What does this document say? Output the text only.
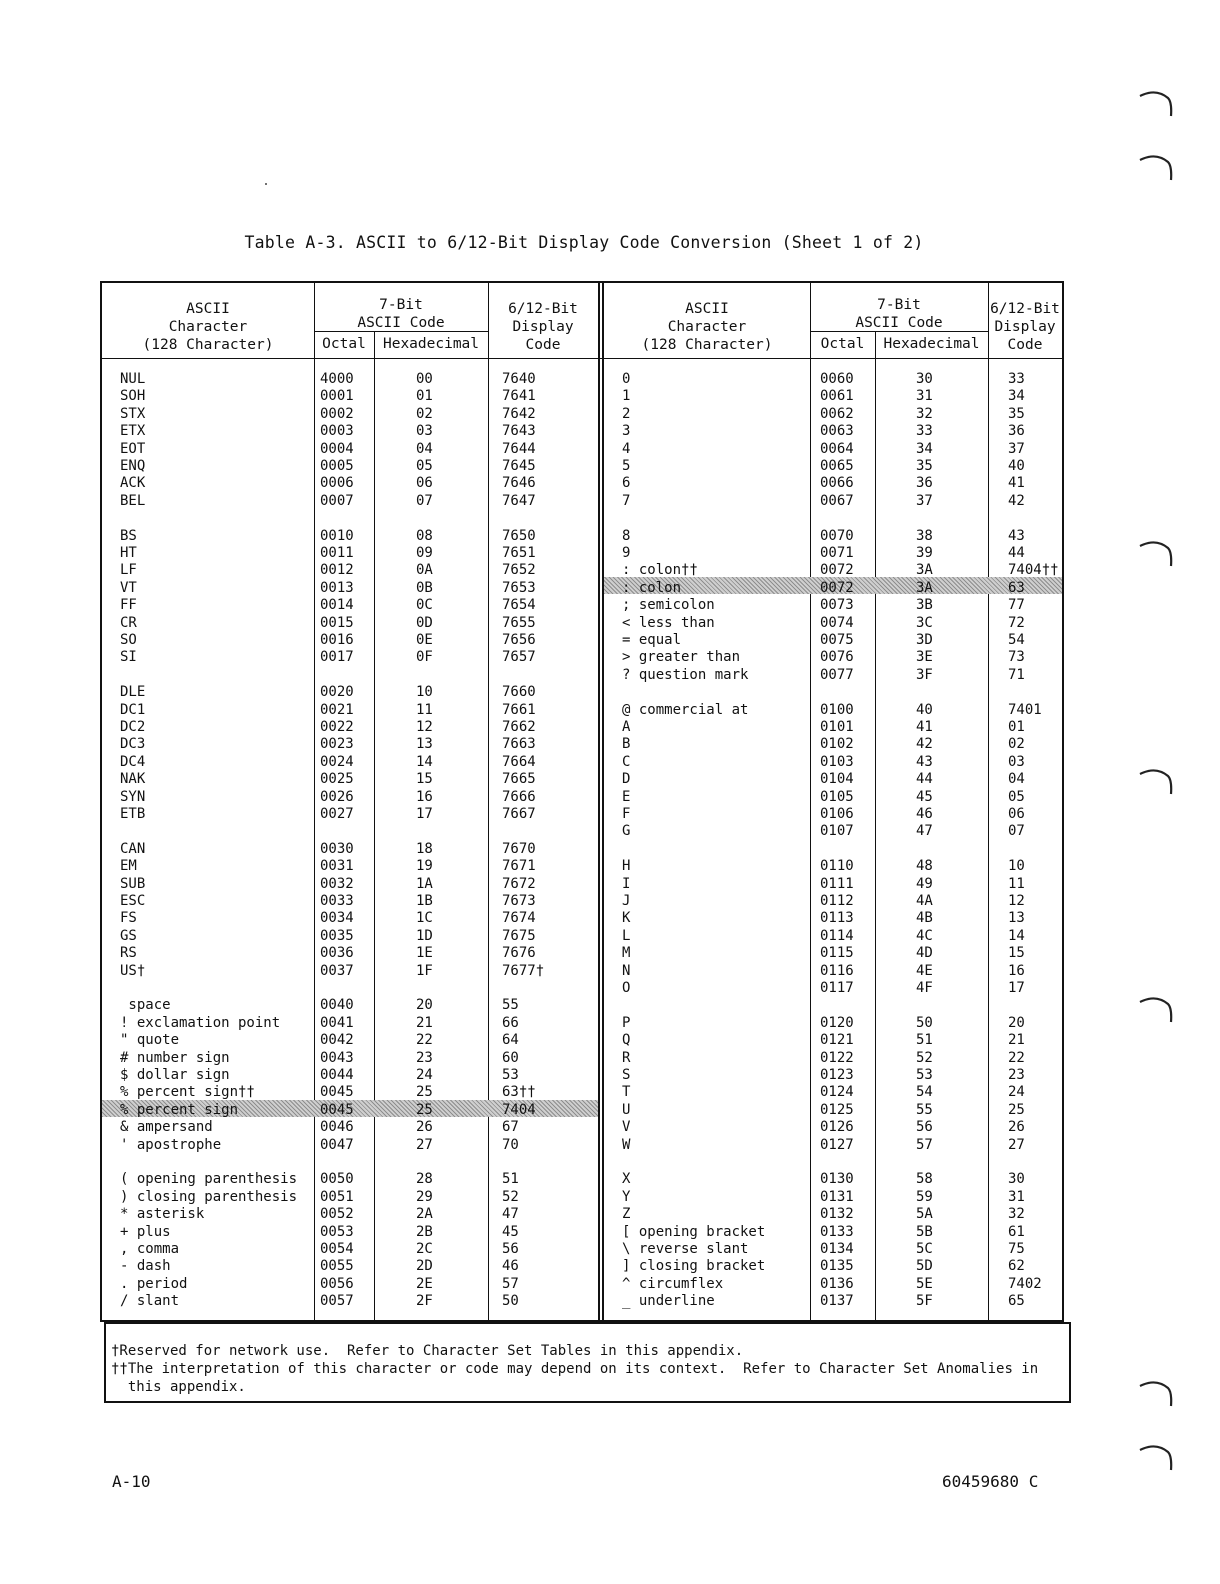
Table A-3. ASCII to 6/12-Bit Display Code Conversion (Sheet 1 of 2)
ASCII
Character
(128 Character)
7-Bit
ASCII Code
Octal	Hexadecimal
6/12-Bit
Display
Code
ASCII
Character
(128 Character)
7-Bit
ASCII Code
Octal	Hexadecimal
6/12-Bit
Display
Code
NUL	4000	00	7640
SOH	0001	01	7641
STX	0002	02	7642
ETX	0003	03	7643
EOT	0004	04	7644
ENQ	0005	05	7645
ACK	0006	06	7646
BEL	0007	07	7647
BS	0010	08	7650
HT	0011	09	7651
LF	0012	0A	7652
VT	0013	0B	7653
FF	0014	0C	7654
CR	0015	0D	7655
SO	0016	0E	7656
SI	0017	0F	7657
DLE	0020	10	7660
DC1	0021	11	7661
DC2	0022	12	7662
DC3	0023	13	7663
DC4	0024	14	7664
NAK	0025	15	7665
SYN	0026	16	7666
ETB	0027	17	7667
CAN	0030	18	7670
EM	0031	19	7671
SUB	0032	1A	7672
ESC	0033	1B	7673
FS	0034	1C	7674
GS	0035	1D	7675
RS	0036	1E	7676
US†	0037	1F	7677†
space	0040	20	55
! exclamation point	0041	21	66
" quote	0042	22	64
# number sign	0043	23	60
$ dollar sign	0044	24	53
% percent sign††	0045	25	63††
% percent sign	0045	25	7404
& ampersand	0046	26	67
' apostrophe	0047	27	70
( opening parenthesis 0050	28	51
) closing parenthesis 0051	29	52
* asterisk	0052	2A	47
+ plus	0053	2B	45
, comma	0054	2C	56
- dash	0055	2D	46
. period	0056	2E	57
/ slant	0057	2F	50
0	0060	30	33
1	0061	31	34
2	0062	32	35
3	0063	33	36
4	0064	34	37
5	0065	35	40
6	0066	36	41
7	0067	37	42
8	0070	38	43
9	0071	39	44
: colon††	0072	3A	7404††
: colon	0072	3A	63
; semicolon	0073	3B	77
< less than	0074	3C	72
= equal	0075	3D	54
> greater than	0076	3E	73
? question mark	0077	3F	71
@ commercial at	0100	40	7401
A	0101	41	01
B	0102	42	02
C	0103	43	03
D	0104	44	04
E	0105	45	05
F	0106	46	06
G	0107	47	07
H	0110	48	10
I	0111	49	11
J	0112	4A	12
K	0113	4B	13
L	0114	4C	14
M	0115	4D	15
N	0116	4E	16
O	0117	4F	17
P	0120	50	20
Q	0121	51	21
R	0122	52	22
S	0123	53	23
T	0124	54	24
U	0125	55	25
V	0126	56	26
W	0127	57	27
X	0130	58	30
Y	0131	59	31
Z	0132	5A	32
[ opening bracket	0133	5B	61
\ reverse slant	0134	5C	75
] closing bracket	0135	5D	62
^ circumflex	0136	5E	7402
_ underline	0137	5F	65
†Reserved for network use.  Refer to Character Set Tables in this appendix.
††The interpretation of this character or code may depend on its context.  Refer to Character Set Anomalies in
this appendix.
A-10	60459680 C
